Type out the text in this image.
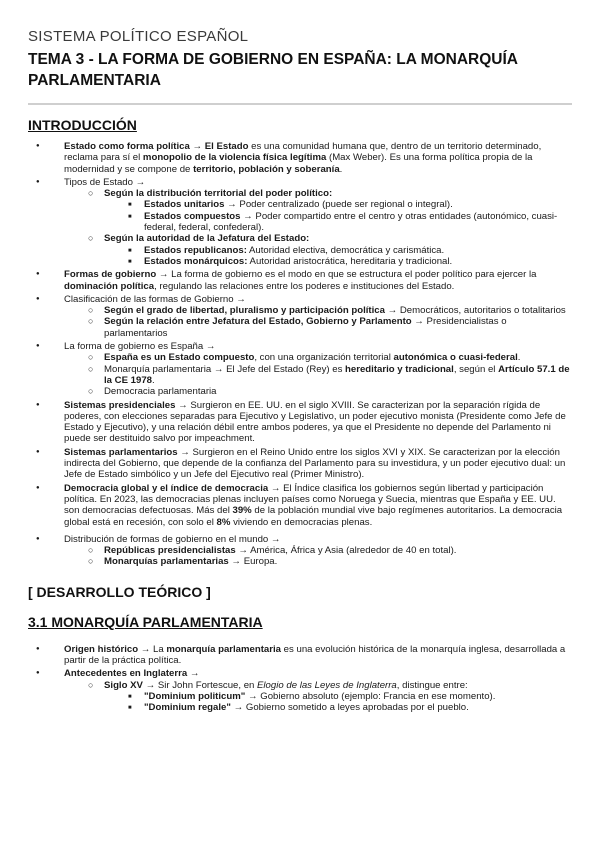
SISTEMA POLÍTICO ESPAÑOL
TEMA 3 - LA FORMA DE GOBIERNO EN ESPAÑA: LA MONARQUÍA PARLAMENTARIA
INTRODUCCIÓN
● Estado como forma política → El Estado es una comunidad humana que, dentro de un territorio determinado, reclama para sí el monopolio de la violencia física legítima (Max Weber). Es una forma política propia de la modernidad y se compone de territorio, población y soberanía.
● Tipos de Estado →
○ Según la distribución territorial del poder político:
■ Estados unitarios → Poder centralizado (puede ser regional o integral).
■ Estados compuestos → Poder compartido entre el centro y otras entidades (autonómico, cuasi-federal, federal, confederal).
○ Según la autoridad de la Jefatura del Estado:
■ Estados republicanos: Autoridad electiva, democrática y carismática.
■ Estados monárquicos: Autoridad aristocrática, hereditaria y tradicional.
● Formas de gobierno → La forma de gobierno es el modo en que se estructura el poder político para ejercer la dominación política, regulando las relaciones entre los poderes e instituciones del Estado.
● Clasificación de las formas de Gobierno →
○ Según el grado de libertad, pluralismo y participación política → Democráticos, autoritarios o totalitarios
○ Según la relación entre Jefatura del Estado, Gobierno y Parlamento → Presidencialistas o parlamentarios
● La forma de gobierno es España →
○ España es un Estado compuesto, con una organización territorial autonómica o cuasi-federal.
○ Monarquía parlamentaria → El Jefe del Estado (Rey) es hereditario y tradicional, según el Artículo 57.1 de la CE 1978.
○ Democracia parlamentaria
● Sistemas presidenciales → Surgieron en EE. UU. en el siglo XVIII. Se caracterizan por la separación rígida de poderes, con elecciones separadas para Ejecutivo y Legislativo, un poder ejecutivo monista (Presidente como Jefe de Estado y Ejecutivo), y una relación débil entre ambos poderes, ya que el Presidente no depende del Parlamento ni puede ser destituido salvo por impeachment.
● Sistemas parlamentarios → Surgieron en el Reino Unido entre los siglos XVI y XIX. Se caracterizan por la elección indirecta del Gobierno, que depende de la confianza del Parlamento para su investidura, y un poder ejecutivo dual: un Jefe de Estado simbólico y un Jefe del Ejecutivo real (Primer Ministro).
● Democracia global y el índice de democracia → El Índice clasifica los gobiernos según libertad y participación política. En 2023, las democracias plenas incluyen países como Noruega y Suecia, mientras que España y EE. UU. son democracias defectuosas. Más del 39% de la población mundial vive bajo regímenes autoritarios. La democracia global está en recesión, con solo el 8% viviendo en democracias plenas.
● Distribución de formas de gobierno en el mundo →
○ Repúblicas presidencialistas → América, África y Asia (alrededor de 40 en total).
○ Monarquías parlamentarias → Europa.
[ DESARROLLO TEÓRICO ]
3.1 MONARQUÍA PARLAMENTARIA
● Origen histórico → La monarquía parlamentaria es una evolución histórica de la monarquía inglesa, desarrollada a partir de la práctica política.
● Antecedentes en Inglaterra →
○ Siglo XV → Sir John Fortescue, en Elogio de las Leyes de Inglaterra, distingue entre:
■ "Dominium politicum" → Gobierno absoluto (ejemplo: Francia en ese momento).
■ "Dominium regale" → Gobierno sometido a leyes aprobadas por el pueblo.
